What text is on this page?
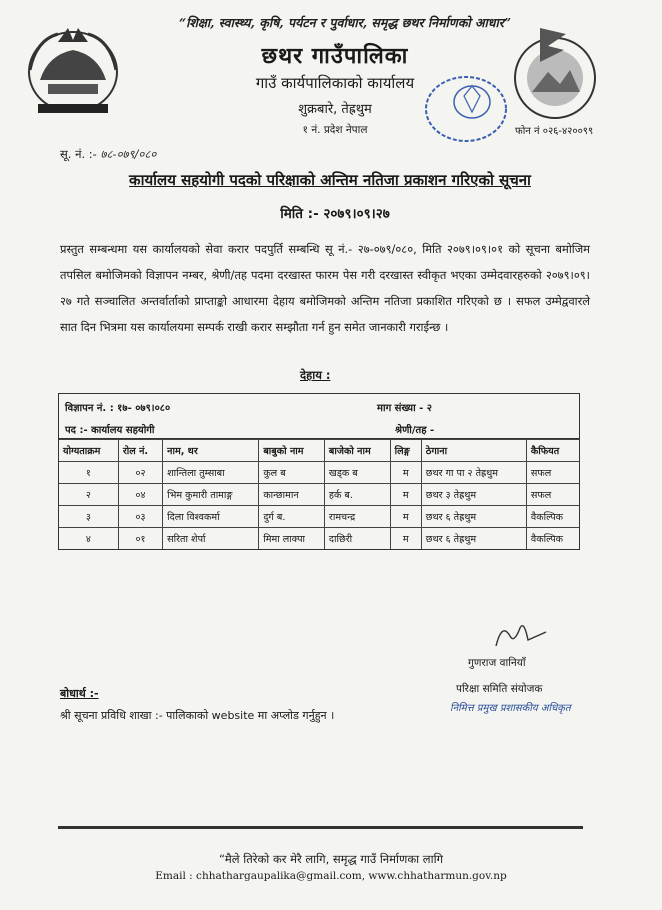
“शिक्षा, स्वास्थ्य, कृषि, पर्यटन र पुर्वाधार, समृद्ध छथर निर्माणको आधार”
छथर गाउँपालिका
गाउँ कार्यपालिकाको कार्यालय
शुक्रबारे, तेह्रथुम
१ नं. प्रदेश नेपाल	फोन नं ०२६-४२००९९
सू. नं. :- ७८-०७९/०८०
कार्यालय सहयोगी पदको परिक्षाको अन्तिम नतिजा प्रकाशन गरिएको सूचना
मिति :- २०७९।०९।२७
प्रस्तुत सम्बन्धमा यस कार्यालयको सेवा करार पदपुर्ति सम्बन्धि सू नं.- २७-०७९/०८०, मिति २०७९।०९।०१ को सूचना बमोजिम तपसिल बमोजिमको विज्ञापन नम्बर, श्रेणी/तह पदमा दरखास्त फारम पेस गरी दरखास्त स्वीकृत भएका उम्मेदवारहरुको २०७९।०९।२७ गते सञ्चालित अन्तर्वार्ताको प्राप्ताङ्को आधारमा देहाय बमोजिमको अन्तिम नतिजा प्रकाशित गरिएको छ । सफल उम्मेद्ववारले सात दिन भित्रमा यस कार्यालयमा सम्पर्क राखी करार सम्झौता गर्न हुन समेत जानकारी गराईन्छ ।
देहाय :
विज्ञापन नं. : १७- ०७९।०८०	माग संख्या - २
पद :- कार्यालय सहयोगी	श्रेणी/तह -
योग्यताक्रम	रोल नं.	नाम, थर	बाबुको नाम	बाजेको नाम	लिङ्ग	ठेगाना	कैफियत
१	०२	शान्तिला तुम्साबा	कुल ब	खड्क ब	म	छथर गा पा २ तेह्रथुम	सफल
२	०४	भिम कुमारी तामाङ्ग	कान्छामान	हर्क ब.	म	छथर ३ तेह्रथुम	सफल
३	०३	दिला विश्वकर्मा	दुर्ग ब.	रामचन्द्र	म	छथर ६ तेह्रथुम	वैकल्पिक
४	०१	सरिता शेर्पा	मिमा लाक्पा	दाछिरी	म	छथर ६ तेह्रथुम	वैकल्पिक
गुणराज वानियाँ
परिक्षा समिति संयोजक
निमित्त प्रमुख प्रशासकीय अधिकृत
बोधार्थ :-
श्री सूचना प्रविधि शाखा :- पालिकाको website मा अप्लोड गर्नुहुन ।
“मैले तिरेको कर मेरै लागि, समृद्ध गाउँ निर्माणका लागि
Email : chhathargaupalika@gmail.com, www.chhatharmun.gov.np
